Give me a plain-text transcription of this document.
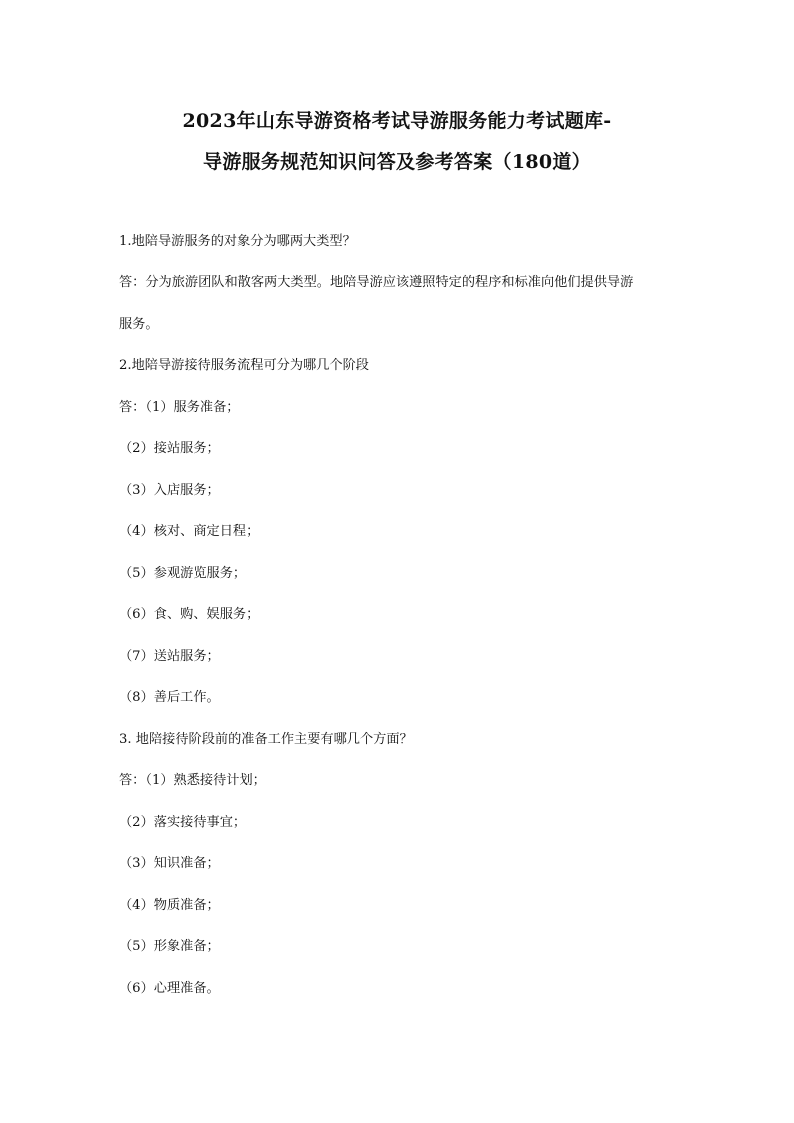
2023年山东导游资格考试导游服务能力考试题库-
导游服务规范知识问答及参考答案（180道）
1.地陪导游服务的对象分为哪两大类型？
答：分为旅游团队和散客两大类型。地陪导游应该遵照特定的程序和标准向他们提供导游
服务。
2.地陪导游接待服务流程可分为哪几个阶段
答：（1）服务准备；
（2）接站服务；
（3）入店服务；
（4）核对、商定日程；
（5）参观游览服务；
（6）食、购、娱服务；
（7）送站服务；
（8）善后工作。
3. 地陪接待阶段前的准备工作主要有哪几个方面？
答：（1）熟悉接待计划；
（2）落实接待事宜；
（3）知识准备；
（4）物质准备；
（5）形象准备；
（6）心理准备。
